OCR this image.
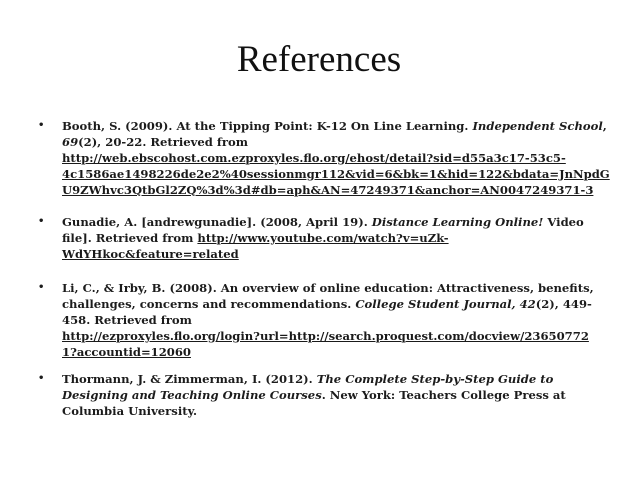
References
• Booth, S. (2009). At the Tipping Point: K-12 On Line Learning. Independent School,
69(2), 20-22. Retrieved from
http://web.ebscohost.com.ezproxyles.flo.org/ehost/detail?sid=d55a3c17-53c5-
4c1586ae1498226de2e2%40sessionmgr112&vid=6&bk=1&hid=122&bdata=JnNpdG
U9ZWhvc3QtbGl2ZQ%3d%3d#db=aph&AN=47249371&anchor=AN0047249371-3
• Gunadie, A. [andrewgunadie]. (2008, April 19). Distance Learning Online! Video
file]. Retrieved from http://www.youtube.com/watch?v=uZk-
WdYHkoc&feature=related
• Li, C., & Irby, B. (2008). An overview of online education: Attractiveness, benefits,
challenges, concerns and recommendations. College Student Journal, 42(2), 449-
458. Retrieved from
http://ezproxyles.flo.org/login?url=http://search.proquest.com/docview/23650772
1?accountid=12060
• Thormann, J. & Zimmerman, I. (2012). The Complete Step-by-Step Guide to
Designing and Teaching Online Courses. New York: Teachers College Press at
Columbia University.
